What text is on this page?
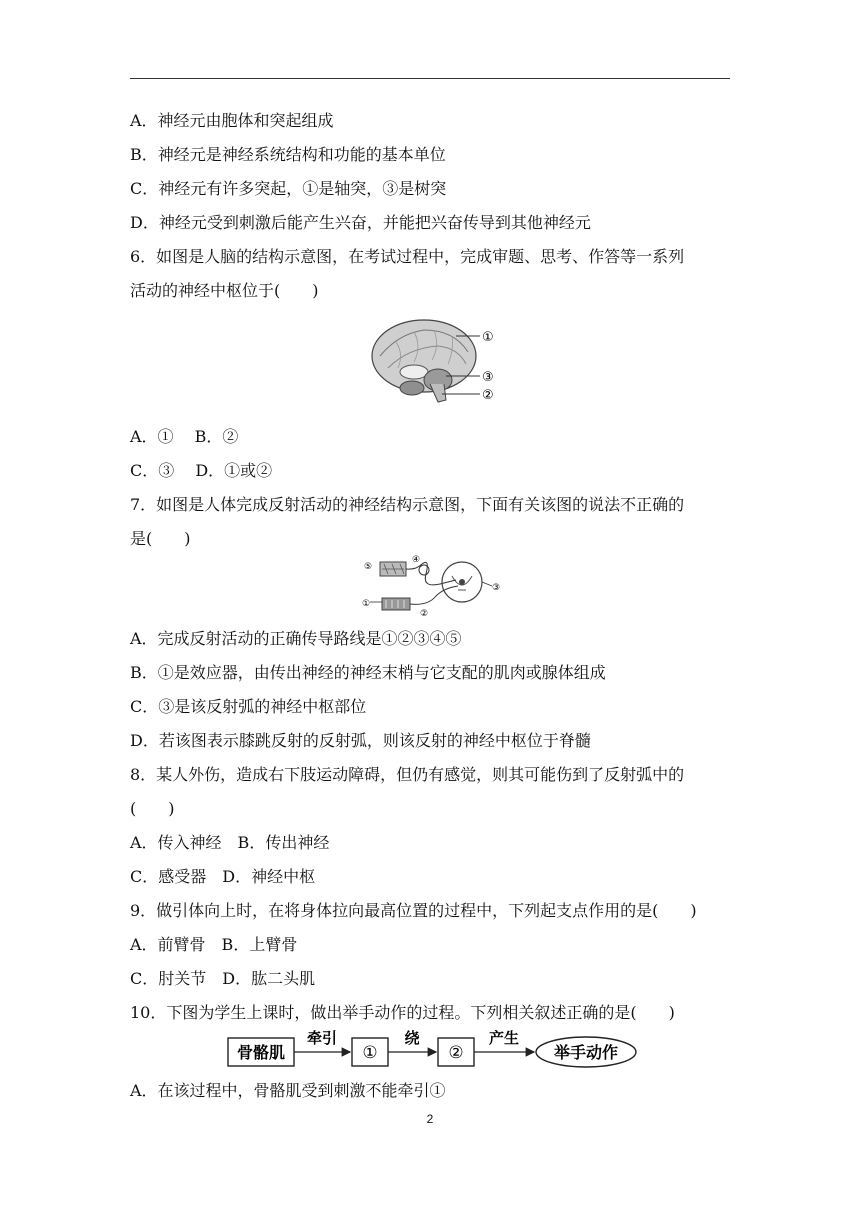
A．神经元由胞体和突起组成
B．神经元是神经系统结构和功能的基本单位
C．神经元有许多突起，①是轴突，③是树突
D．神经元受到刺激后能产生兴奋，并能把兴奋传导到其他神经元
6．如图是人脑的结构示意图，在考试过程中，完成审题、思考、作答等一系列
活动的神经中枢位于(　　)
①
③
②
A．①　 B．②
C．③　 D．①或②
7．如图是人体完成反射活动的神经结构示意图，下面有关该图的说法不正确的
是(　　)
⑤
④
③
①
②
A．完成反射活动的正确传导路线是①②③④⑤
B．①是效应器，由传出神经的神经末梢与它支配的肌肉或腺体组成
C．③是该反射弧的神经中枢部位
D．若该图表示膝跳反射的反射弧，则该反射的神经中枢位于脊髓
8．某人外伤，造成右下肢运动障碍，但仍有感觉，则其可能伤到了反射弧中的
(　　)
A．传入神经　B．传出神经
C．感受器　D．神经中枢
9．做引体向上时，在将身体拉向最高位置的过程中，下列起支点作用的是(　　)
A．前臂骨　B．上臂骨
C．肘关节　D．肱二头肌
10．下图为学生上课时，做出举手动作的过程。下列相关叙述正确的是(　　)
骨骼肌
牵引
①
绕
②
产生
举手动作
A．在该过程中，骨骼肌受到刺激不能牵引①
2
